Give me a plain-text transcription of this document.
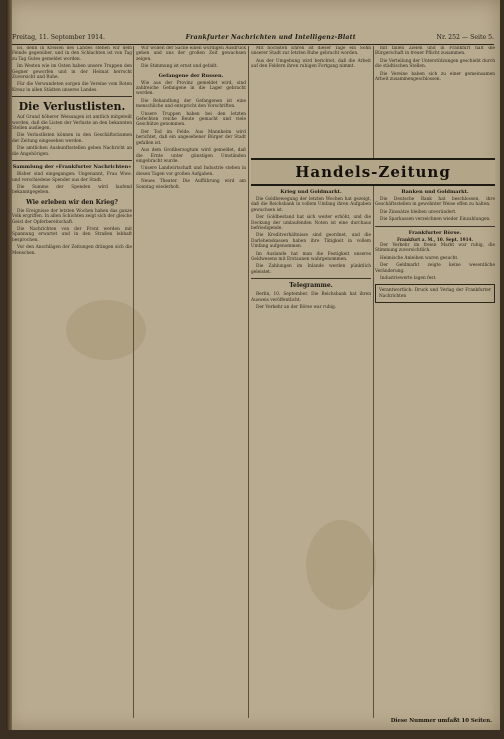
Freitag, 11. September 1914.	Frankfurter Nachrichten und Intelligenz-Blatt	Nr. 252 — Seite 5.

Es, denn in Kreisen des Landes stehen wir dem Feinde gegenüber, und in den Schlachten ist von Tag zu Tag Gutes gemeldet worden.

Im Westen wie im Osten haben unsere Truppen den Gegner geworfen und in der Heimat herrscht Zuversicht und Ruhe.

Für die Verwundeten sorgen die Vereine vom Roten Kreuz in allen Städten unseres Landes.

Die Verlustlisten.

Auf Grund höherer Weisungen ist amtlich mitgeteilt worden, daß die Listen der Verluste an den bekannten Stellen ausliegen.

Die Verlustlisten können in den Geschäftsräumen der Zeitung eingesehen werden.

Die amtlichen Auskunftsstellen geben Nachricht an die Angehörigen.

Sammlung der »Frankfurter Nachrichten«

Bisher sind eingegangen: Ungenannt, Frau Wwe. und verschiedene Spender aus der Stadt.

Die Summe der Spenden wird laufend bekanntgegeben.

Wie erleben wir den Krieg?

Die Ereignisse der letzten Wochen haben das ganze Volk ergriffen. In allen Schichten zeigt sich der gleiche Geist der Opferbereitschaft.

Die Nachrichten von der Front werden mit Spannung erwartet und in den Straßen lebhaft besprochen.

Vor den Anschlägen der Zeitungen drängen sich die Menschen.

Wir wollen der Sache einen würdigen Ausdruck geben und uns der großen Zeit gewachsen zeigen.

Die Stimmung ist ernst und gefaßt.

Gefangene der Russen.

Wie aus der Provinz gemeldet wird, sind zahlreiche Gefangene in die Lager gebracht worden.

Die Behandlung der Gefangenen ist eine menschliche und entspricht den Vorschriften.

Unsere Truppen haben bei den letzten Gefechten reiche Beute gemacht und viele Geschütze genommen.

Der Tod im Felde. Aus Mannheim wird berichtet, daß ein angesehener Bürger der Stadt gefallen ist.

Aus dem Großherzogtum wird gemeldet, daß die Ernte unter günstigen Umständen eingebracht wurde.

Unsere Landwirtschaft und Industrie stehen in diesen Tagen vor großen Aufgaben.

Neues Theater. Die Aufführung wird am Sonntag wiederholt.

Mit höchsten Ehren ist dieser Tage ein Sohn unserer Stadt zur letzten Ruhe gebracht worden.

Aus der Umgebung wird berichtet, daß die Arbeit auf den Feldern ihren ruhigen Fortgang nimmt.

Handels-Zeitung
Krieg und Goldmarkt.

Die Goldbewegung der letzten Wochen hat gezeigt, daß die Reichsbank in vollem Umfang ihren Aufgaben gewachsen ist.

Der Goldbestand hat sich weiter erhöht, und die Deckung der umlaufenden Noten ist eine durchaus befriedigende.

Die Kreditverhältnisse sind geordnet, und die Darlehenskassen haben ihre Tätigkeit in vollem Umfang aufgenommen.

Im Auslande hat man die Festigkeit unseres Geldwesens mit Erstaunen wahrgenommen.

Die Zahlungen im Inlande werden pünktlich geleistet.

Telegramme.

Berlin, 10. September. Die Reichsbank hat ihren Ausweis veröffentlicht.

Der Verkehr an der Börse war ruhig.

mit fällen Zielen und in Frankfurt hält die Bürgerschaft in treuer Pflicht zusammen.

Die Verteilung der Unterstützungen geschieht durch die städtischen Stellen.

Die Vereine haben sich zu einer gemeinsamen Arbeit zusammengeschlossen.

Banken und Goldmarkt.

Die Deutsche Bank hat beschlossen, ihre Geschäftsstellen in gewohnter Weise offen zu halten.

Die Zinssätze bleiben unverändert.

Die Sparkassen verzeichnen wieder Einzahlungen.

Frankfurter Börse.
Frankfurt a. M., 10. Sept. 1914.

Der Verkehr im freien Markt war ruhig, die Stimmung zuversichtlich.

Heimische Anleihen waren gesucht.

Der Geldmarkt zeigte keine wesentliche Veränderung.

Industriewerte lagen fest.

Verantwortlich: Druck und Verlag der Frankfurter Nachrichten
Diese Nummer umfaßt 10 Seiten.
